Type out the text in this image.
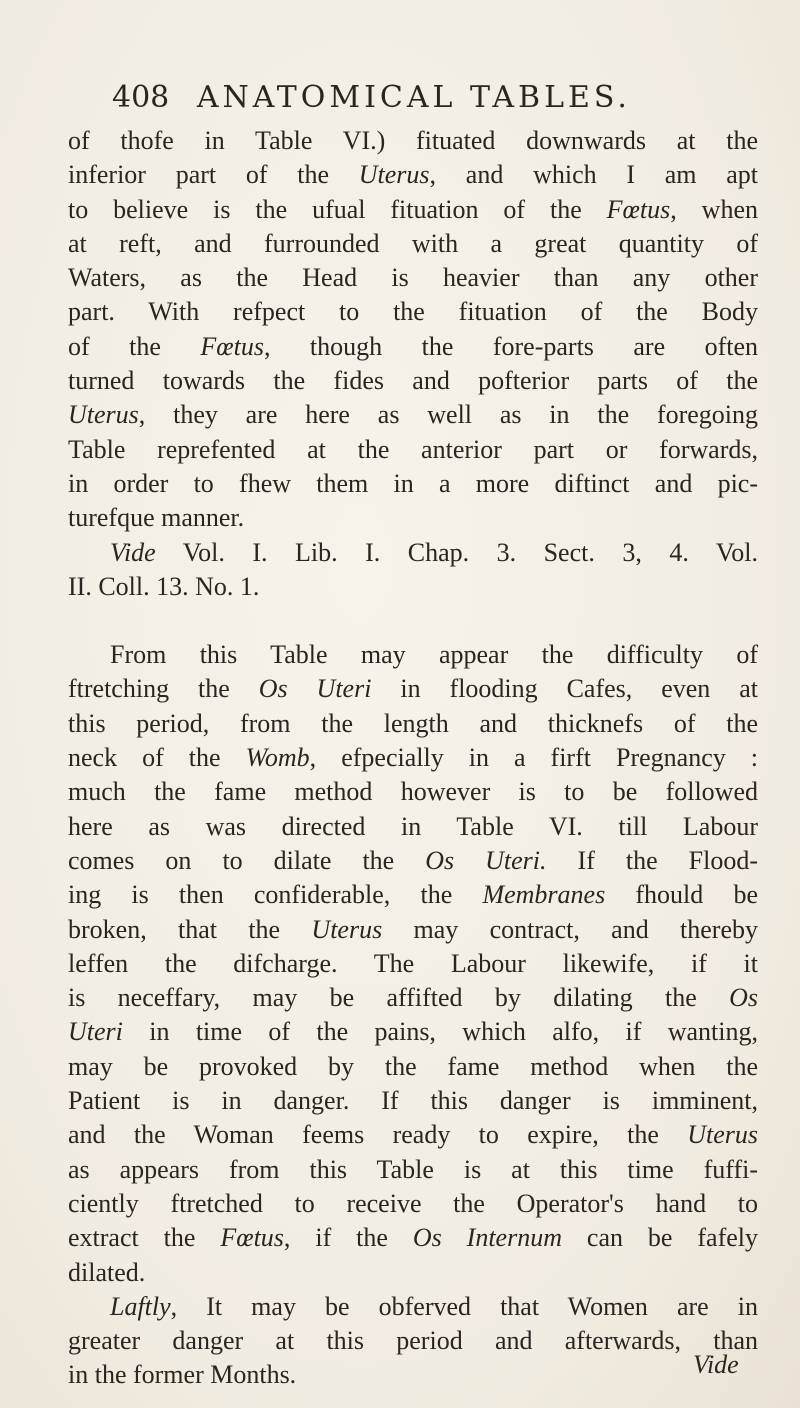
408 ANATOMICAL TABLES.
of thofe in Table VI.) fituated downwards at the
inferior part of the Uterus, and which I am apt
to believe is the ufual fituation of the Fœtus, when
at reft, and furrounded with a great quantity of
Waters, as the Head is heavier than any other
part. With refpect to the fituation of the Body
of the Fœtus, though the fore-parts are often
turned towards the fides and pofterior parts of the
Uterus, they are here as well as in the foregoing
Table reprefented at the anterior part or forwards,
in order to fhew them in a more diftinct and pic-
turefque manner.
Vide Vol. I. Lib. I. Chap. 3. Sect. 3, 4. Vol.
II. Coll. 13. No. 1.
From this Table may appear the difficulty of
ftretching the Os Uteri in flooding Cafes, even at
this period, from the length and thicknefs of the
neck of the Womb, efpecially in a firft Pregnancy :
much the fame method however is to be followed
here as was directed in Table VI. till Labour
comes on to dilate the Os Uteri. If the Flood-
ing is then confiderable, the Membranes fhould be
broken, that the Uterus may contract, and thereby
leffen the difcharge. The Labour likewife, if it
is neceffary, may be affifted by dilating the Os
Uteri in time of the pains, which alfo, if wanting,
may be provoked by the fame method when the
Patient is in danger. If this danger is imminent,
and the Woman feems ready to expire, the Uterus
as appears from this Table is at this time fuffi-
ciently ftretched to receive the Operator's hand to
extract the Fœtus, if the Os Internum can be fafely
dilated.
Laftly, It may be obferved that Women are in
greater danger at this period and afterwards, than
in the former Months.	Vide
